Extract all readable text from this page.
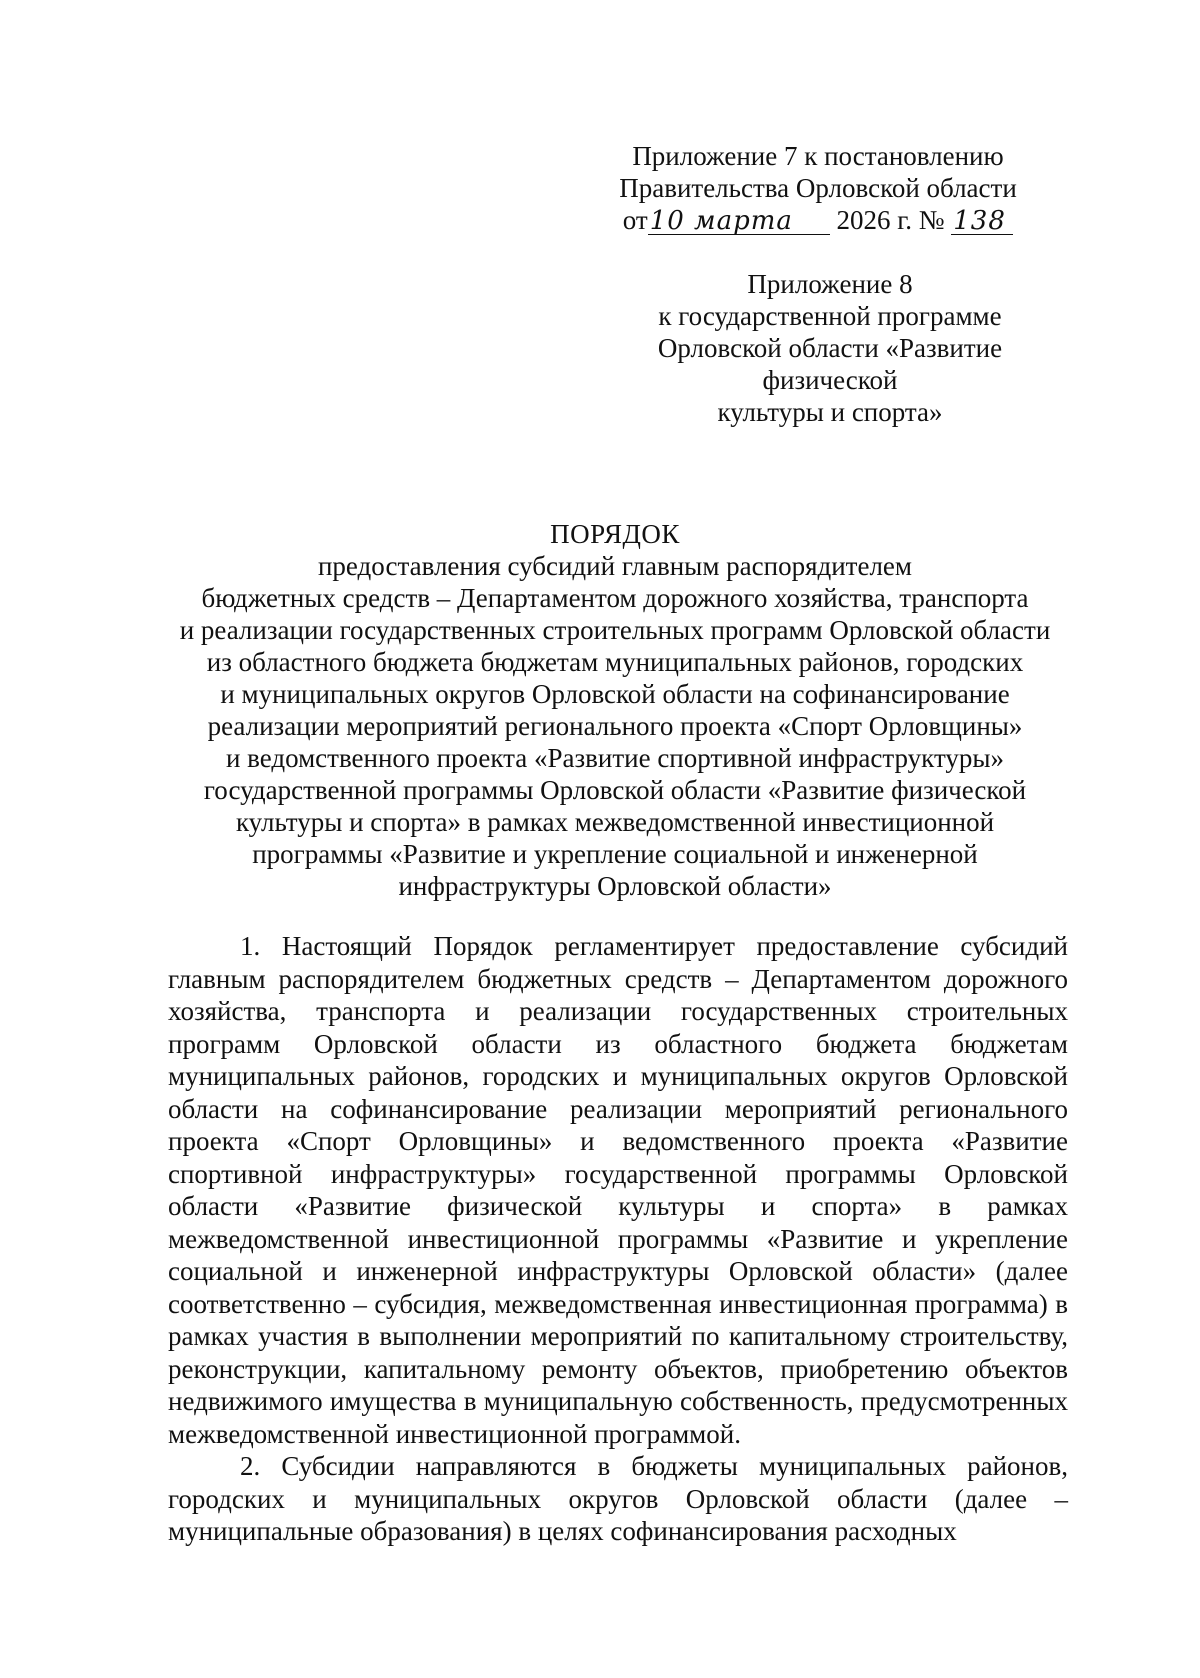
Приложение 7 к постановлению
Правительства Орловской области
от10 марта 2026 г. № 138
Приложение 8
к государственной программе
Орловской области «Развитие физической
культуры и спорта»
ПОРЯДОК
предоставления субсидий главным распорядителем
бюджетных средств – Департаментом дорожного хозяйства, транспорта
и реализации государственных строительных программ Орловской области
из областного бюджета бюджетам муниципальных районов, городских
и муниципальных округов Орловской области на софинансирование
реализации мероприятий регионального проекта «Спорт Орловщины»
и ведомственного проекта «Развитие спортивной инфраструктуры»
государственной программы Орловской области «Развитие физической
культуры и спорта» в рамках межведомственной инвестиционной
программы «Развитие и укрепление социальной и инженерной
инфраструктуры Орловской области»

1. Настоящий Порядок регламентирует предоставление субсидий главным распорядителем бюджетных средств – Департаментом дорожного хозяйства, транспорта и реализации государственных строительных программ Орловской области из областного бюджета бюджетам муниципальных районов, городских и муниципальных округов Орловской области на софинансирование реализации мероприятий регионального проекта «Спорт Орловщины» и ведомственного проекта «Развитие спортивной инфраструктуры» государственной программы Орловской области «Развитие физической культуры и спорта» в рамках межведомственной инвестиционной программы «Развитие и укрепление социальной и инженерной инфраструктуры Орловской области» (далее соответственно – субсидия, межведомственная инвестиционная программа) в рамках участия в выполнении мероприятий по капитальному строительству, реконструкции, капитальному ремонту объектов, приобретению объектов недвижимого имущества в муниципальную собственность, предусмотренных межведомственной инвестиционной программой.

2. Субсидии направляются в бюджеты муниципальных районов, городских и муниципальных округов Орловской области (далее – муниципальные образования) в целях софинансирования расходных
